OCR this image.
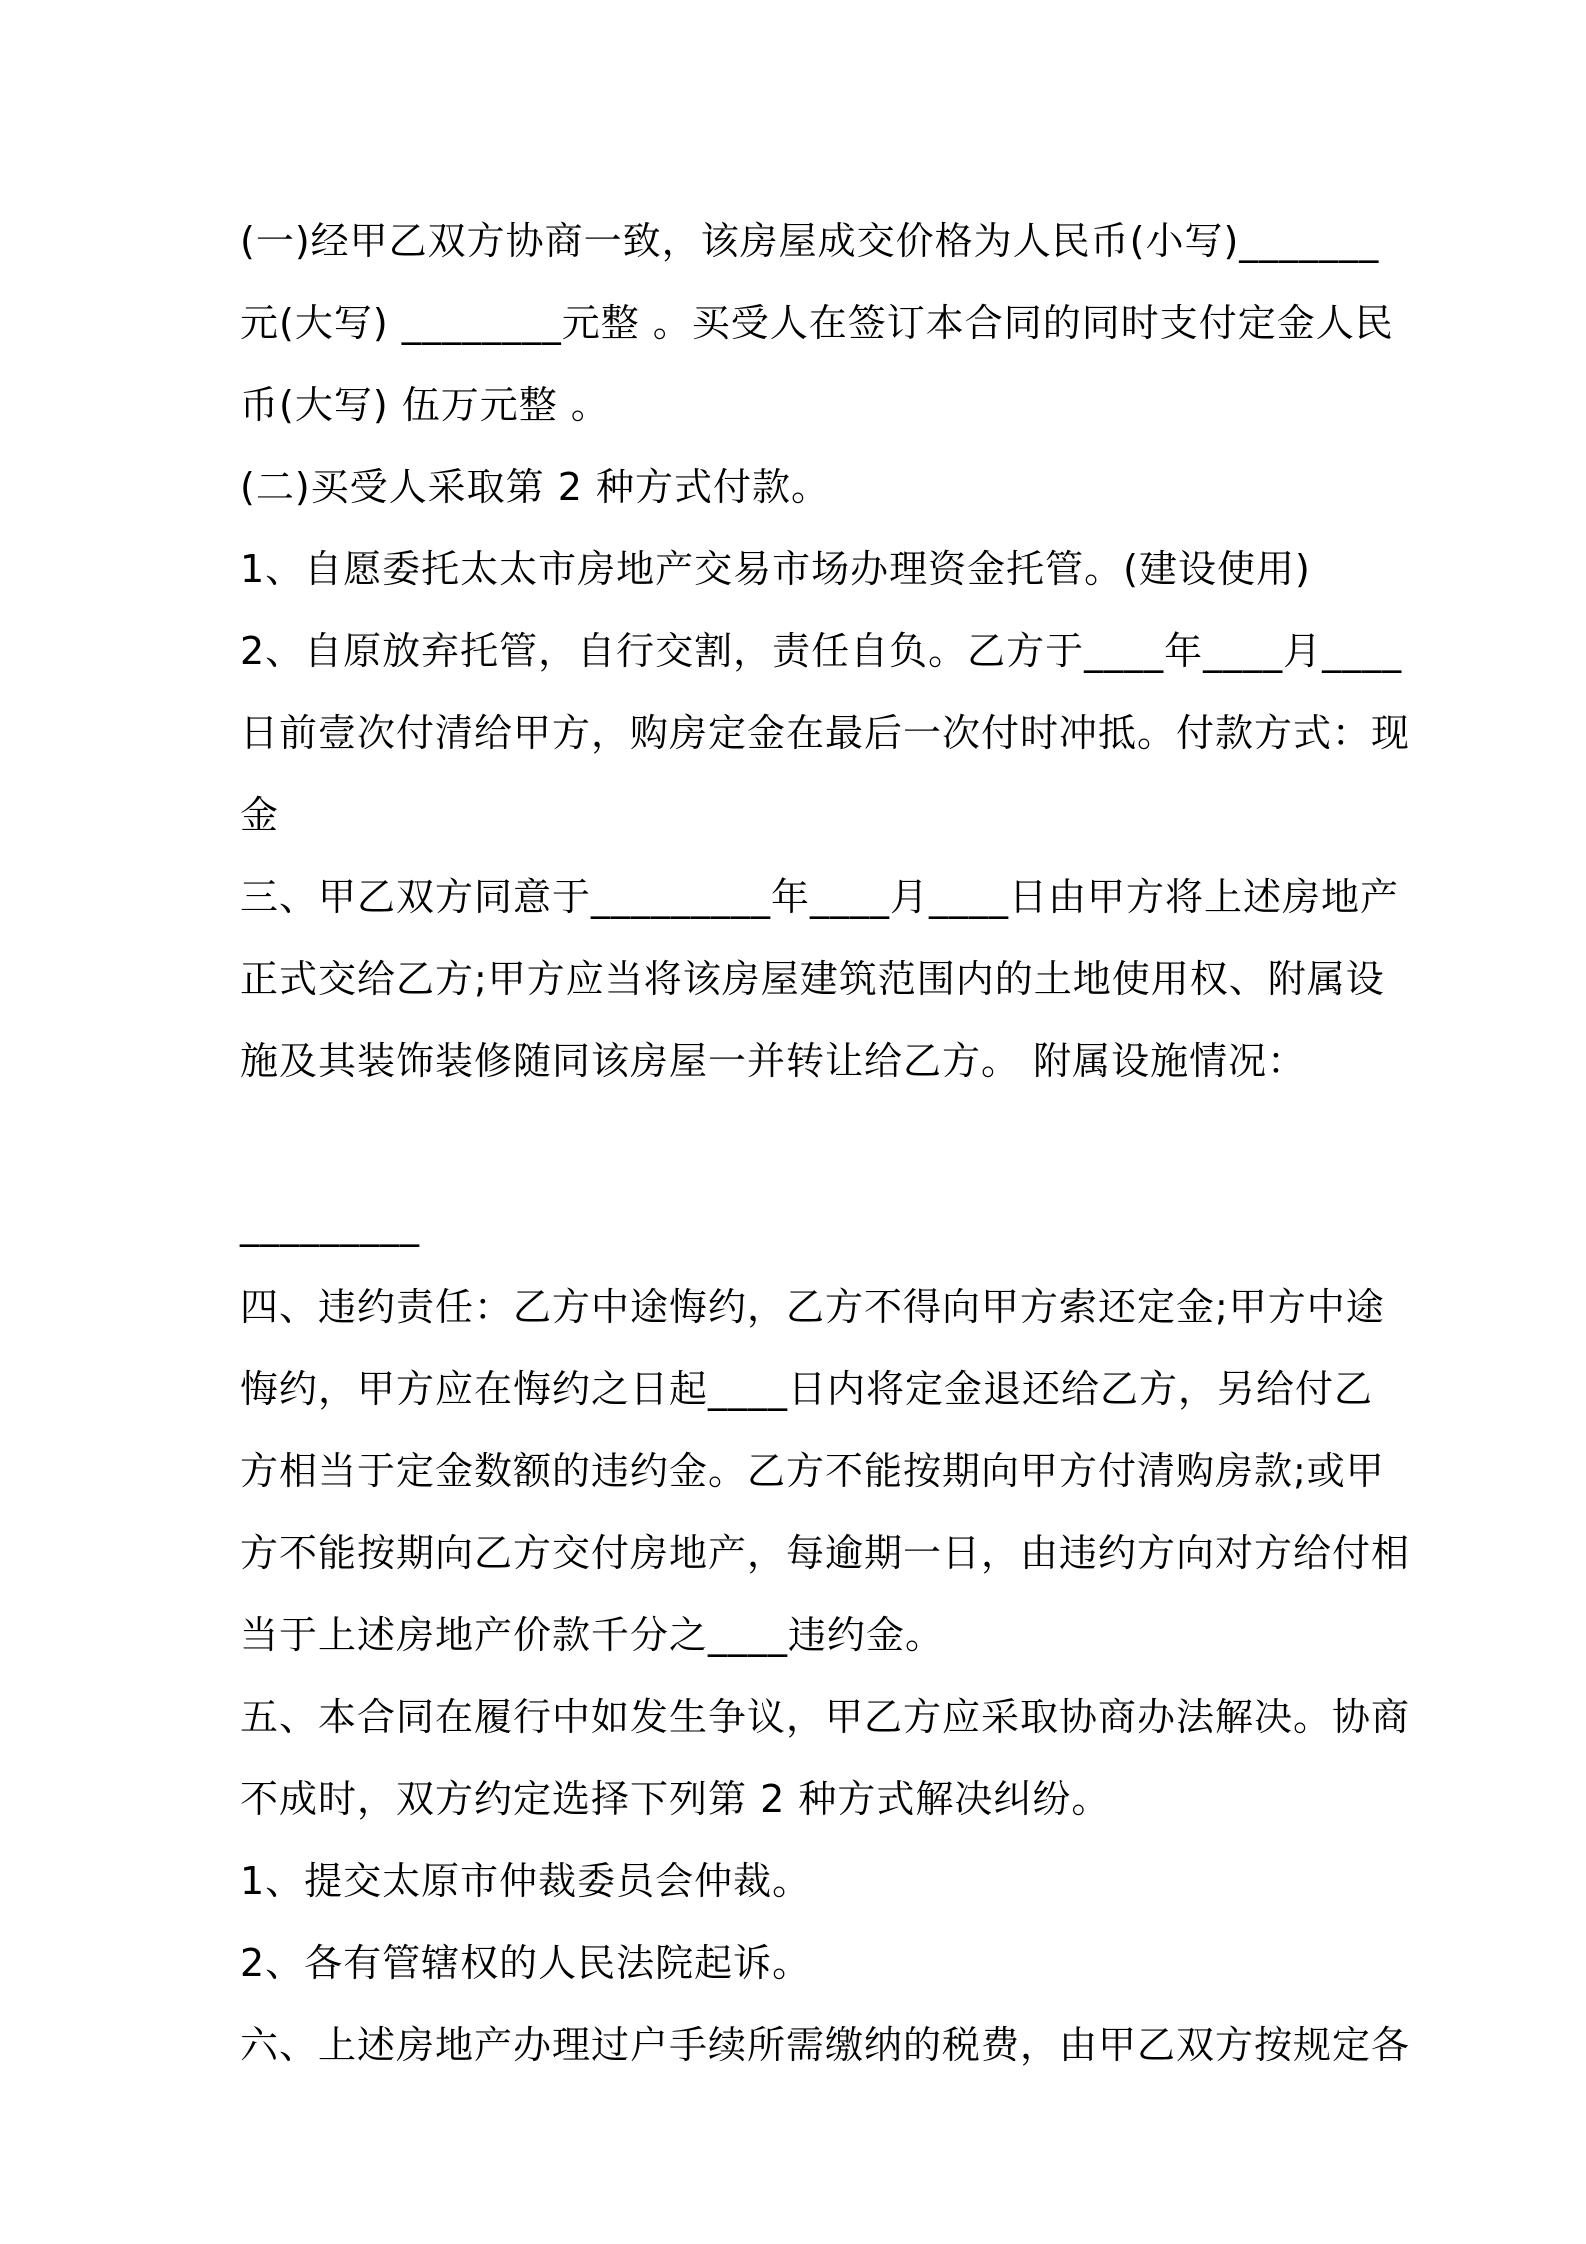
(一)经甲乙双方协商一致，该房屋成交价格为人民币(小写)_______
元(大写) ________元整 。买受人在签订本合同的同时支付定金人民
币(大写) 伍万元整 。
(二)买受人采取第 2 种方式付款。
1、自愿委托太太市房地产交易市场办理资金托管。(建设使用)
2、自原放弃托管，自行交割，责任自负。乙方于____年____月____
日前壹次付清给甲方，购房定金在最后一次付时冲抵。付款方式：现
金
三、甲乙双方同意于_________年____月____日由甲方将上述房地产
正式交给乙方;甲方应当将该房屋建筑范围内的土地使用权、附属设
施及其装饰装修随同该房屋一并转让给乙方。 附属设施情况：
_________
四、违约责任：乙方中途悔约，乙方不得向甲方索还定金;甲方中途
悔约，甲方应在悔约之日起____日内将定金退还给乙方，另给付乙
方相当于定金数额的违约金。乙方不能按期向甲方付清购房款;或甲
方不能按期向乙方交付房地产，每逾期一日，由违约方向对方给付相
当于上述房地产价款千分之____违约金。
五、本合同在履行中如发生争议，甲乙方应采取协商办法解决。协商
不成时，双方约定选择下列第 2 种方式解决纠纷。
1、提交太原市仲裁委员会仲裁。
2、各有管辖权的人民法院起诉。
六、上述房地产办理过户手续所需缴纳的税费，由甲乙双方按规定各
